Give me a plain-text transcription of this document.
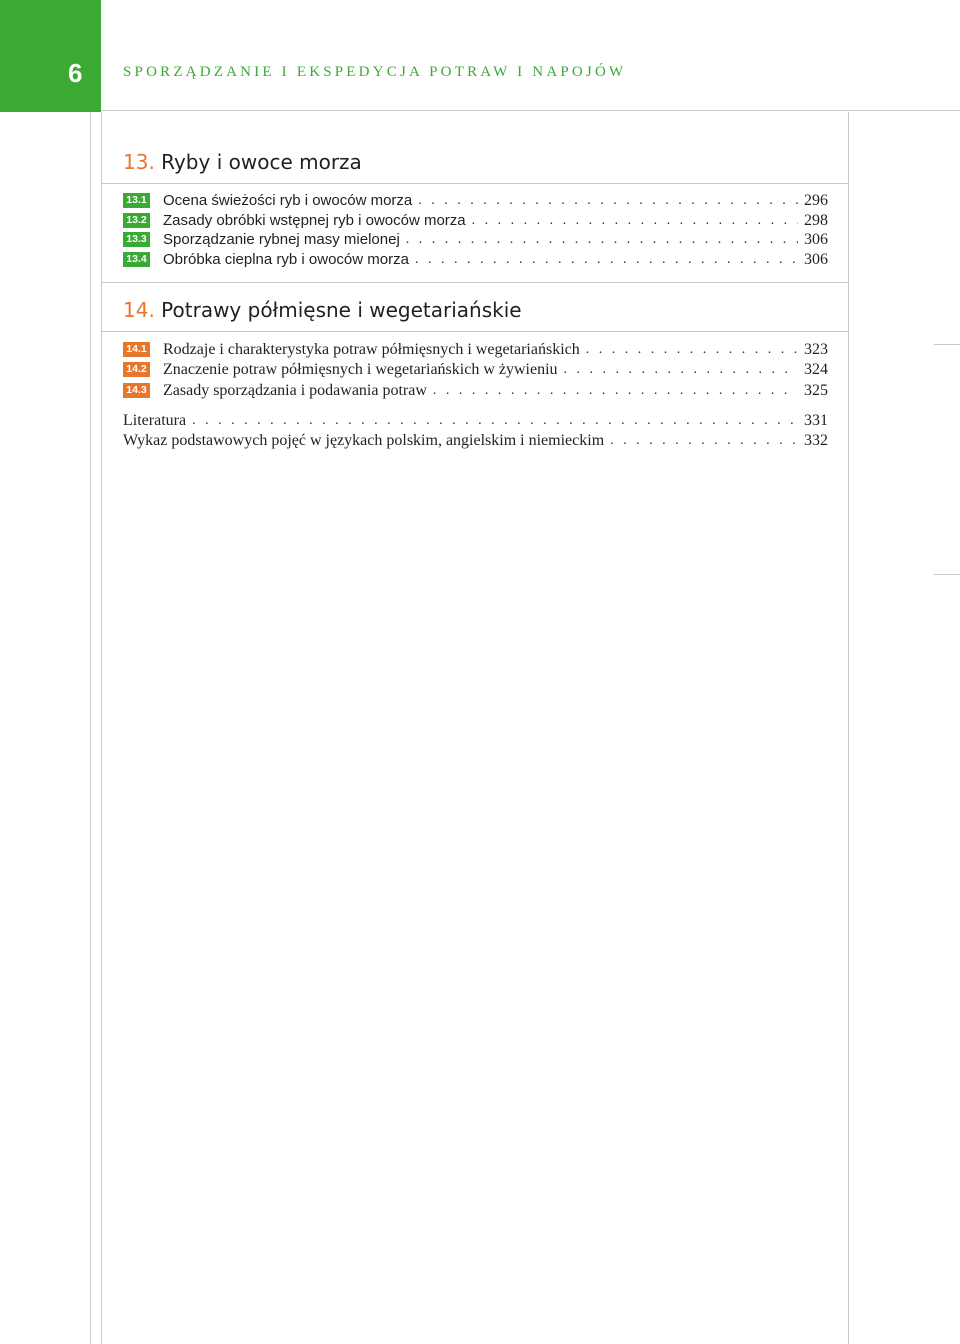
6	SPORZĄDZANIE I EKSPEDYCJA POTRAW I NAPOJÓW
13. Ryby i owoce morza
13.1 Ocena świeżości ryb i owoców morza . . .	296
13.2 Zasady obróbki wstępnej ryb i owoców morza . . .	298
13.3 Sporządzanie rybnej masy mielonej . . .	306
13.4 Obróbka cieplna ryb i owoców morza . . .	306
14. Potrawy półmięsne i wegetariańskie
14.1 Rodzaje i charakterystyka potraw półmięsnych i wegetariańskich . . .	323
14.2 Znaczenie potraw półmięsnych i wegetariańskich w żywieniu . . .	324
14.3 Zasady sporządzania i podawania potraw . . .	325
Literatura . . .	331
Wykaz podstawowych pojęć w językach polskim, angielskim i niemieckim . . .	332
